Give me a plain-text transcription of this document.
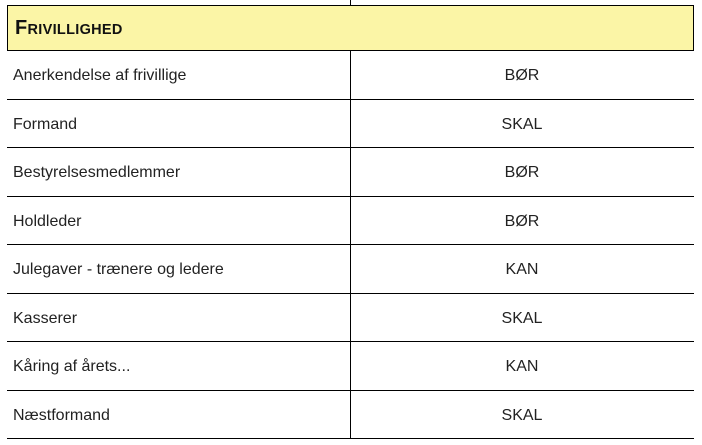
FRIVILLIGHED
Anerkendelse af frivillige	BØR
Formand	SKAL
Bestyrelsesmedlemmer	BØR
Holdleder	BØR
Julegaver - trænere og ledere	KAN
Kasserer	SKAL
Kåring af årets...	KAN
Næstformand	SKAL
